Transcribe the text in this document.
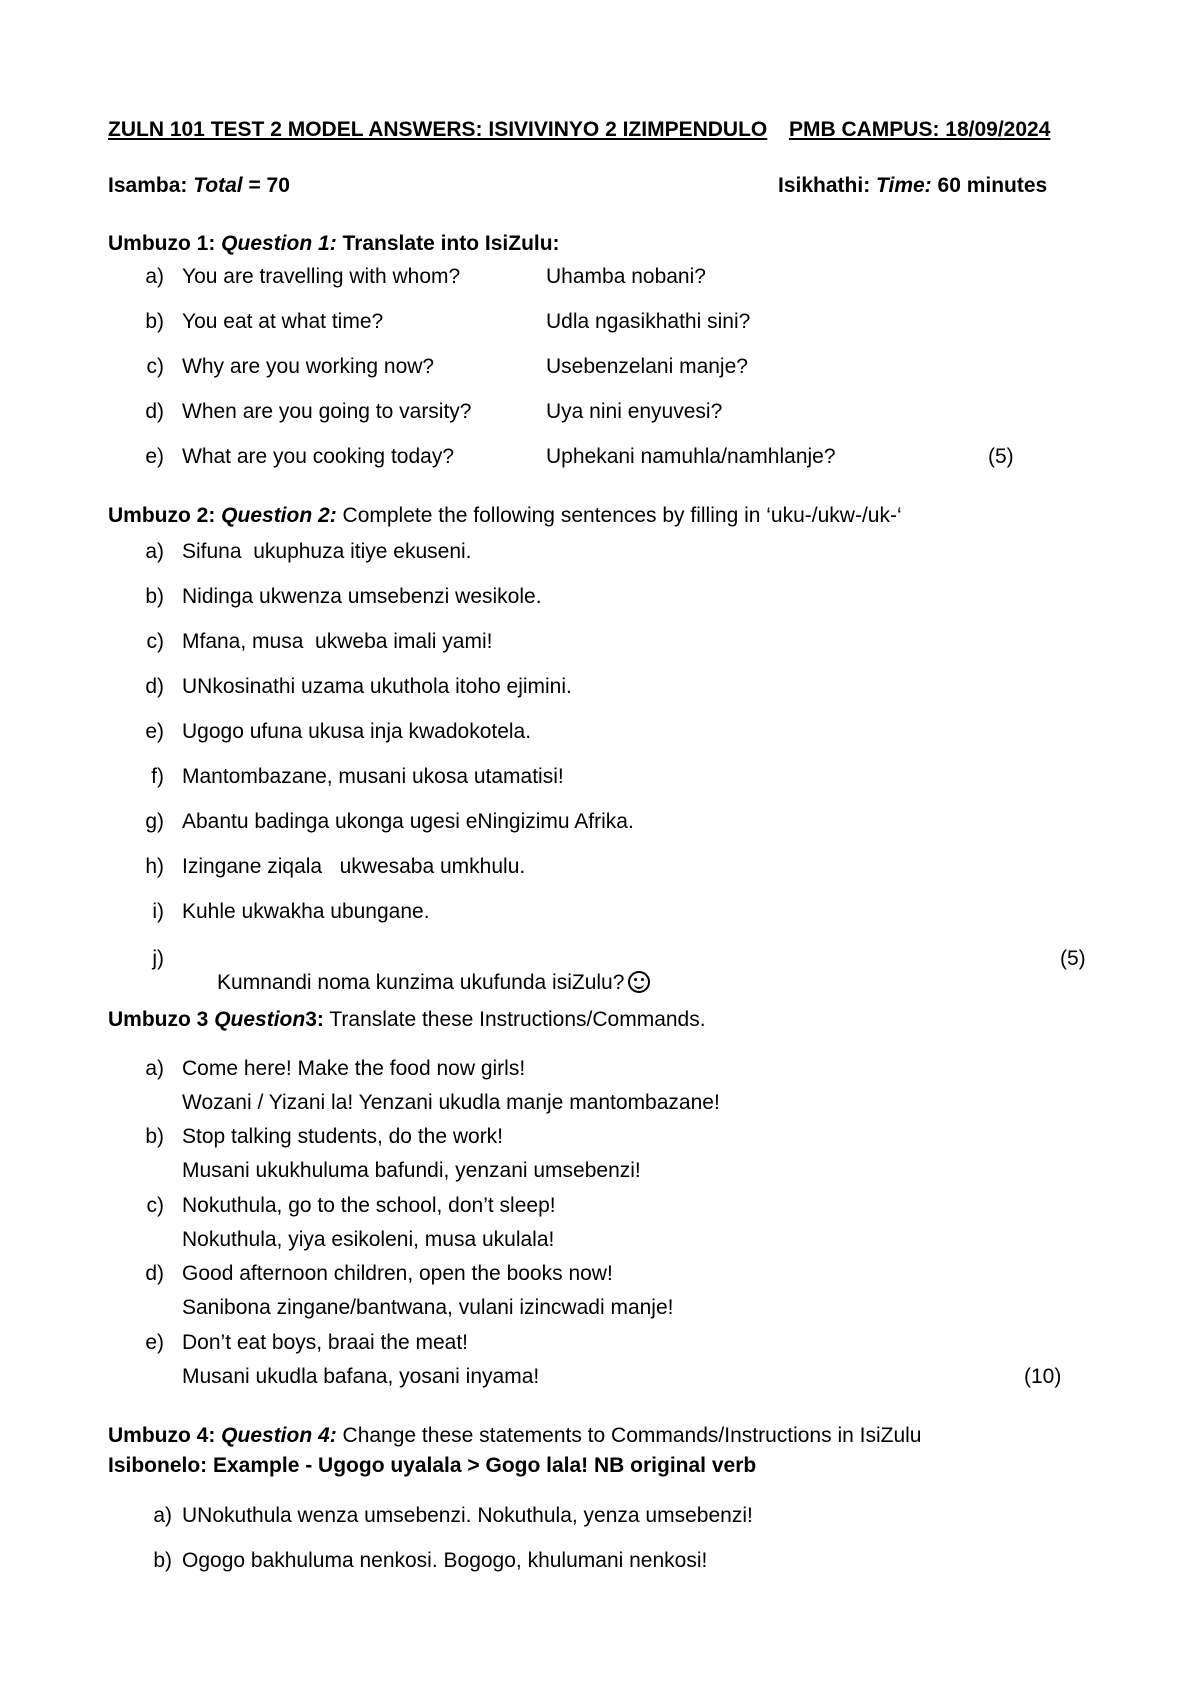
ZULN 101 TEST 2 MODEL ANSWERS: ISIVIVINYO 2 IZIMPENDULO PMB CAMPUS: 18/09/2024
Isamba: Total = 70	Isikhathi: Time: 60 minutes
Umbuzo 1: Question 1: Translate into IsiZulu:
a) You are travelling with whom?	Uhamba nobani?
b) You eat at what time?	Udla ngasikhathi sini?
c) Why are you working now?	Usebenzelani manje?
d) When are you going to varsity?	Uya nini enyuvesi?
e) What are you cooking today?	Uphekani namuhla/namhlanje?	(5)
Umbuzo 2: Question 2: Complete the following sentences by filling in ‘uku-/ukw-/uk-‘
a) Sifuna  ukuphuza itiye ekuseni.
b) Nidinga ukwenza umsebenzi wesikole.
c) Mfana, musa  ukweba imali yami!
d) UNkosinathi uzama ukuthola itoho ejimini.
e) Ugogo ufuna ukusa inja kwadokotela.
f) Mantombazane, musani ukosa utamatisi!
g) Abantu badinga ukonga ugesi eNingizimu Afrika.
h) Izingane ziqala   ukwesaba umkhulu.
i) Kuhle ukwakha ubungane.
j)

Kumnandi noma kunzima ukufunda isiZulu?

(5)
Umbuzo 3 Question3: Translate these Instructions/Commands.
a) Come here! Make the food now girls!
Wozani / Yizani la! Yenzani ukudla manje mantombazane!
b) Stop talking students, do the work!
Musani ukukhuluma bafundi, yenzani umsebenzi!
c) Nokuthula, go to the school, don’t sleep!
Nokuthula, yiya esikoleni, musa ukulala!
d) Good afternoon children, open the books now!
Sanibona zingane/bantwana, vulani izincwadi manje!
e) Don’t eat boys, braai the meat!
Musani ukudla bafana, yosani inyama!	(10)
Umbuzo 4: Question 4: Change these statements to Commands/Instructions in IsiZulu
Isibonelo: Example - Ugogo uyalala > Gogo lala! NB original verb
a) UNokuthula wenza umsebenzi. Nokuthula, yenza umsebenzi!
b) Ogogo bakhuluma nenkosi. Bogogo, khulumani nenkosi!
